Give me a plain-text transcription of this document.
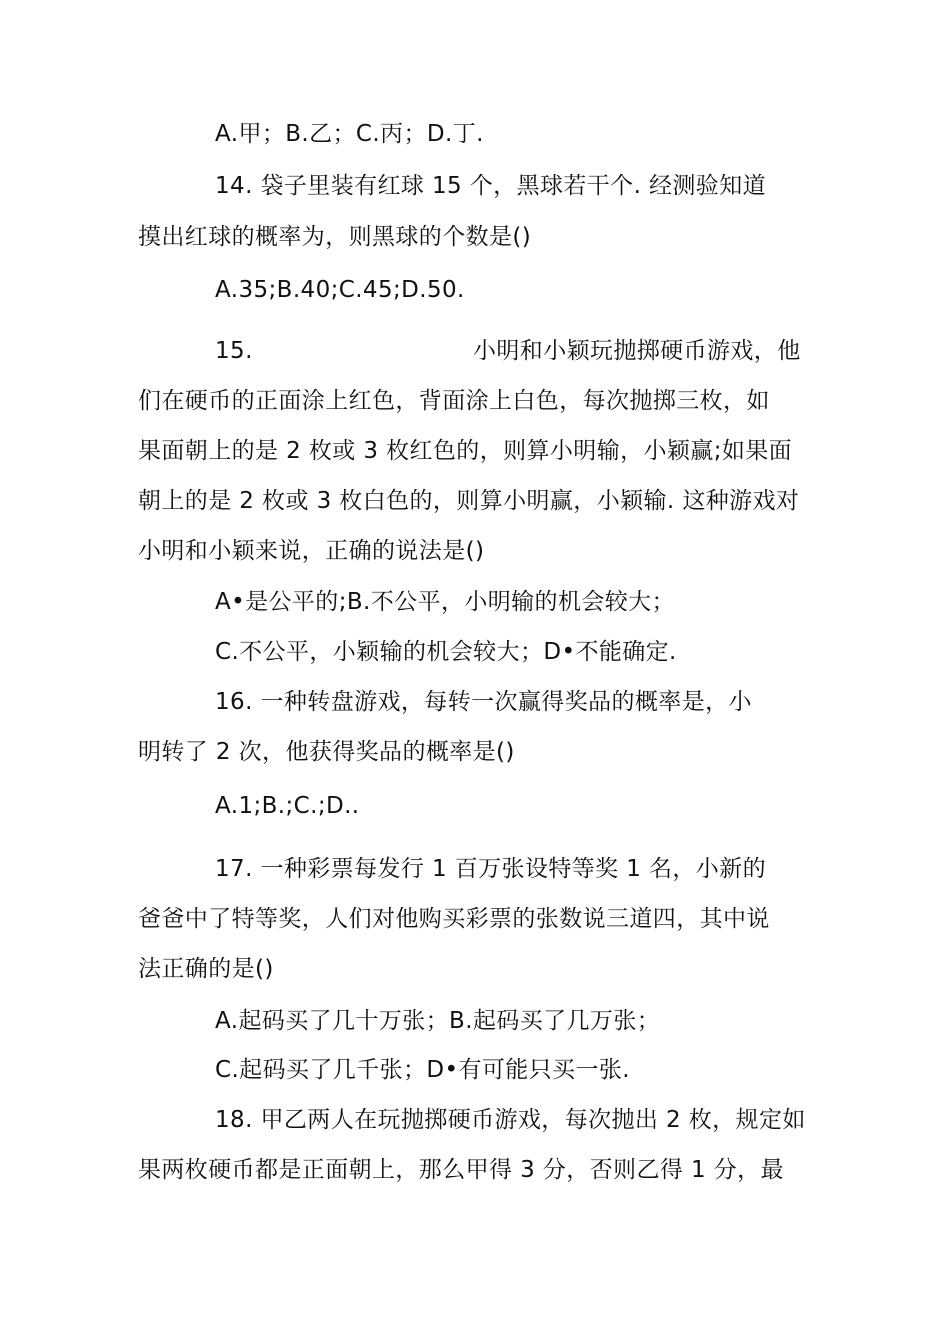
A.甲；B.乙；C.丙；D.丁.
14. 袋子里装有红球 15 个，黑球若干个. 经测验知道
摸出红球的概率为，则黑球的个数是()
A.35;B.40;C.45;D.50.
15.	小明和小颖玩抛掷硬币游戏，他
们在硬币的正面涂上红色，背面涂上白色，每次抛掷三枚，如
果面朝上的是 2 枚或 3 枚红色的，则算小明输，小颖赢;如果面
朝上的是 2 枚或 3 枚白色的，则算小明赢，小颖输. 这种游戏对
小明和小颖来说，正确的说法是()
A•是公平的;B.不公平，小明输的机会较大；
C.不公平，小颖输的机会较大；D•不能确定.
16. 一种转盘游戏，每转一次赢得奖品的概率是，小
明转了 2 次，他获得奖品的概率是()
A.1;B.;C.;D..
17. 一种彩票每发行 1 百万张设特等奖 1 名，小新的
爸爸中了特等奖，人们对他购买彩票的张数说三道四，其中说
法正确的是()
A.起码买了几十万张；B.起码买了几万张；
C.起码买了几千张；D•有可能只买一张.
18. 甲乙两人在玩抛掷硬币游戏，每次抛出 2 枚，规定如
果两枚硬币都是正面朝上，那么甲得 3 分，否则乙得 1 分，最
